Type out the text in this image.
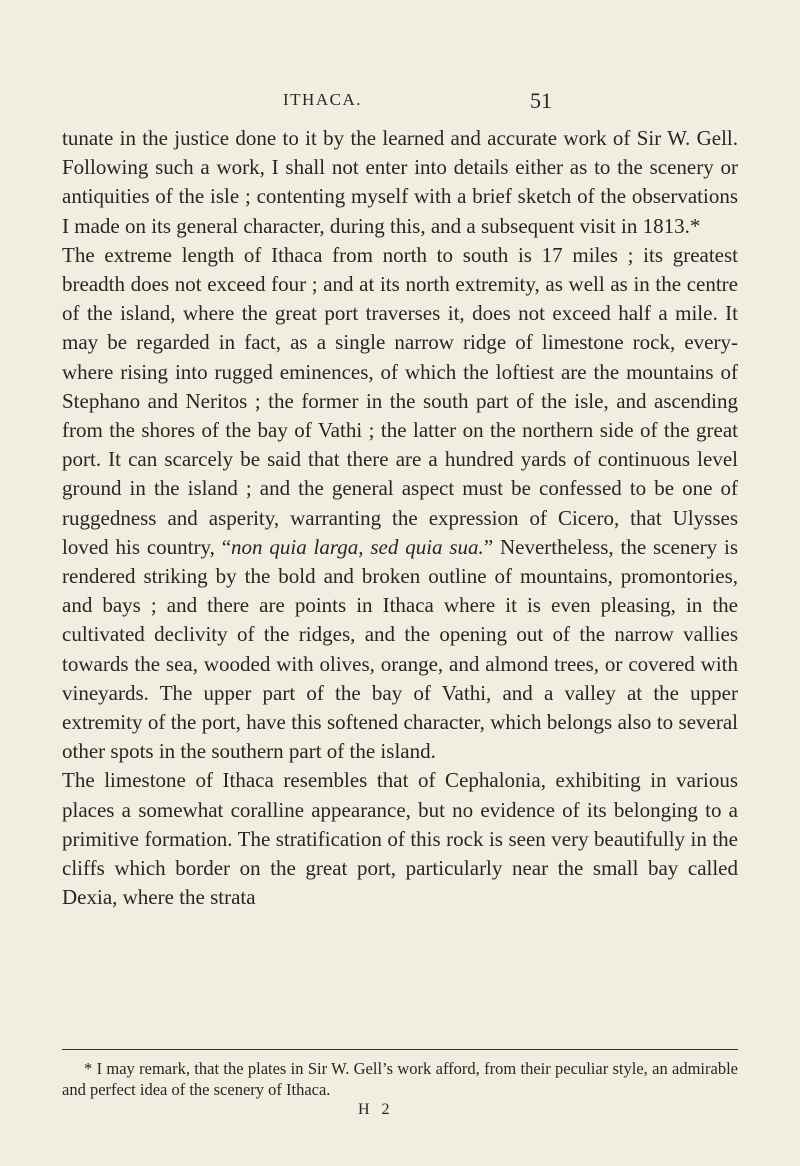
ITHACA.	51

tunate in the justice done to it by the learned and accurate work of Sir W. Gell. Following such a work, I shall not enter into details either as to the scenery or antiquities of the isle ; contenting myself with a brief sketch of the observations I made on its general character, during this, and a subsequent visit in 1813.*

The extreme length of Ithaca from north to south is 17 miles ; its greatest breadth does not exceed four ; and at its north extremity, as well as in the centre of the island, where the great port traverses it, does not exceed half a mile. It may be regarded in fact, as a single narrow ridge of limestone rock, every-where rising into rugged eminences, of which the loftiest are the mountains of Stephano and Neritos ; the former in the south part of the isle, and ascending from the shores of the bay of Vathi ; the latter on the northern side of the great port. It can scarcely be said that there are a hundred yards of continuous level ground in the island ; and the general aspect must be confessed to be one of ruggedness and asperity, warranting the expression of Cicero, that Ulysses loved his country, “non quia larga, sed quia sua.” Nevertheless, the scenery is rendered striking by the bold and broken outline of mountains, promontories, and bays ; and there are points in Ithaca where it is even pleasing, in the cultivated declivity of the ridges, and the opening out of the narrow vallies towards the sea, wooded with olives, orange, and almond trees, or covered with vineyards. The upper part of the bay of Vathi, and a valley at the upper extremity of the port, have this softened character, which belongs also to several other spots in the southern part of the island.

The limestone of Ithaca resembles that of Cephalonia, exhibiting in various places a somewhat coralline appearance, but no evidence of its belonging to a primitive formation. The stratification of this rock is seen very beautifully in the cliffs which border on the great port, particularly near the small bay called Dexia, where the strata

* I may remark, that the plates in Sir W. Gell’s work afford, from their peculiar style, an admirable and perfect idea of the scenery of Ithaca.
H 2
